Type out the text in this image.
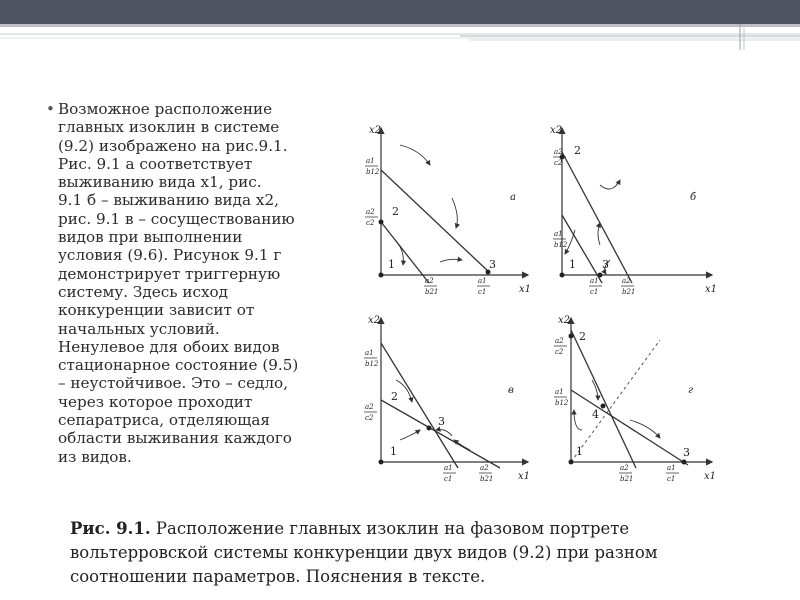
• Возможное расположение
главных изоклин в системе
(9.2) изображено на рис.9.1.
Рис. 9.1 а соответствует
выживанию вида x1, рис.
9.1 б – выживанию вида x2,
рис. 9.1 в – сосуществованию
видов при выполнении
условия (9.6). Рисунок 9.1 г
демонстрирует триггерную
систему. Здесь исход
конкуренции зависит от
начальных условий.
Ненулевое для обоих видов
стационарное состояние (9.5)
– неустойчивое. Это – седло,
через которое проходит
сепаратриса, отделяющая
области выживания каждого
из видов.
а
x2
x1
1
2
3
a1
b12
a2
c2
a2
b21
a1
c1
б
x2
x1
1
2
3
a2
c2
a1
b12
a1
c1
a2
b21
в
x2
x1
1
2
3
a1
b12
a2
c2
a1
c1
a2
b21
г
x2
x1
1
2
3
4
a2
c2
a1
b12
a2
b21
a1
c1
Рис. 9.1. Расположение главных изоклин на фазовом портрете вольтерровской системы конкуренции двух видов (9.2) при разном соотношении параметров. Пояснения в тексте.
